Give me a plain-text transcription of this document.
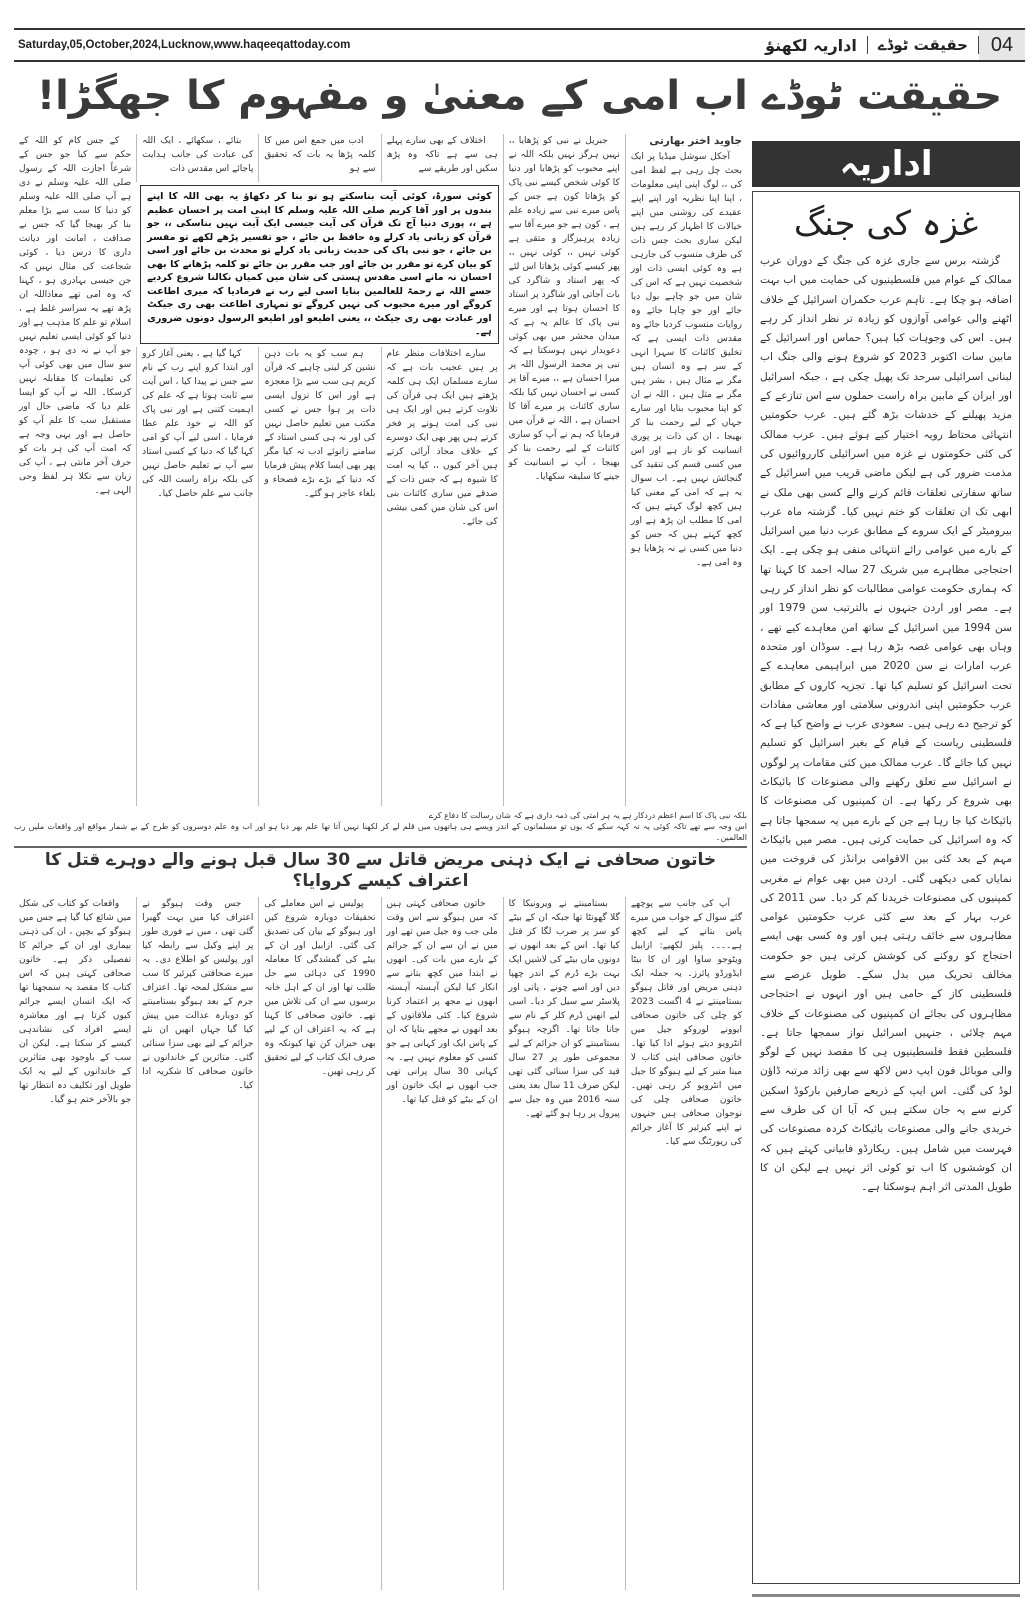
Saturday,05,October,2024,Lucknow,www.haqeeqattoday.com	اداریہ لکھنؤ	حقیقت ٹوڈے	04
حقیقت ٹوڈے اب امی کے معنیٰ و مفہوم کا جھگڑا!
جاوید اختر بھارتی

آجکل سوشل میڈیا پر ایک بحث چل رہی ہے لفظ امی کی ،، لوگ اپنی اپنی معلومات ، اپنا اپنا نظریہ اور اپنے اپنے عقیدے کی روشنی میں اپنے خیالات کا اظہار کر رہے ہیں لیکن ساری بحث جس ذات کی طرف منسوب کی جارہی ہے وہ کوئی ایسی ذات اور شخصیت نہیں ہے کہ اس کی شان میں جو چاہے بول دیا جائے اور جو چاہا جائے وہ روایات منسوب کردیا جائے وہ مقدس ذات ایسی ہے کہ تخلیق کائنات کا سہرا انہی کے سر ہے وہ انسان ہیں مگر بے مثال ہیں ، بشر ہیں مگر بے مثل ہیں ، اللہ نے ان کو اپنا محبوب بنایا اور سارے جہاں کے لیے رحمت بنا کر بھیجا ، ان کی ذات پر پوری انسانیت کو ناز ہے اور اس میں کسی قسم کی تنقید کی گنجائش نہیں ہے۔ اب سوال یہ ہے کہ امی کے معنی کیا ہیں کچھ لوگ کہتے ہیں کہ امی کا مطلب ان پڑھ ہے اور کچھ کہتے ہیں کہ جس کو دنیا میں کسی نے نہ پڑھایا ہو وہ امی ہے۔

جبریل نے نبی کو پڑھایا ،، نہیں ہرگز نہیں بلکہ اللہ نے اپنے محبوب کو پڑھایا اور دنیا کا کوئی شخص کیسے نبی پاک کو پڑھاتا کون ہے جس کے پاس میرے نبی سے زیادہ علم ہے ، کون ہے جو میرے آقا سے زیادہ پرہیزگار و متقی ہے کوئی نہیں ،، کوئی نہیں ،، پھر کیسے کوئی پڑھاتا اس لئے کہ پھر استاد و شاگرد کی بات آجاتی اور شاگرد پر استاد کا احسان ہوتا ہے اور میرے نبی پاک کا عالم یہ ہے کہ میدان محشر میں بھی کوئی دعویدار نہیں ہوسکتا ہے کہ نبی پر محمد الرسول اللہ پر میرا احسان ہے ،، میرے آقا پر کسی نے احسان نہیں کیا بلکہ ساری کائنات پر میرے آقا کا احسان ہے ، اللہ نے قرآن میں فرمایا کہ ہم نے آپ کو ساری کائنات کے لیے رحمت بنا کر بھیجا ، آپ نے انسانیت کو جینے کا سلیقہ سکھایا۔

اختلاف کے بھی سارے پہلے ہی سے ہے تاکہ وہ پڑھ سکیں اور طریقے سے

ادب میں جمع اس میں کا کلمہ پڑھا یہ بات کہ تحقیق سے ہو

بتائے ، سکھائے ، ایک اللہ کی عبادت کی جانب ہدایت پاجائے اس مقدس ذات

کوئی سورۃ، کوئی آیت بناسکتے ہو تو بنا کر دکھاؤ یہ بھی اللہ کا اپنے بندوں پر اور آقا کریم صلی اللہ علیہ وسلم کا اپنی امت پر احسان عظیم ہے ،، پوری دنیا آج تک قرآن کی آیت جیسی ایک آیت نہیں بناسکی ،، جو قرآن کو زبانی یاد کرلے وہ حافظ بن جائے ، جو تفسیر پڑھے لکھے تو مفسر بن جائے ، جو نبی پاک کی حدیث زبانی یاد کرلے تو محدث بن جائے اور اسی کو بیان کرے تو مقرر بن جائے اور جب مقرر بن جائے تو کلمہ پڑھانے کا بھی احسان نہ مانے اسی مقدس ہستی کی شان میں کمیاں نکالنا شروع کردیے جسے اللہ نے رحمۃ للعالمین بنایا اسی لیے رب نے فرمادیا کہ میری اطاعت کروگے اور میرے محبوب کی نہیں کروگے تو تمہاری اطاعت بھی ری جیکٹ اور عبادت بھی ری جیکٹ ،، یعنی اطیعو اور اطیعو الرسول دونوں ضروری ہے۔

سارے اختلافات منظر عام پر ہیں عجیب بات ہے کہ سارے مسلمان ایک ہی کلمہ پڑھتے ہیں ایک ہی قرآن کی تلاوت کرتے ہیں اور ایک ہی نبی کی امت ہونے پر فخر کرتے ہیں پھر بھی ایک دوسرے کے خلاف محاذ آرائی کرتے ہیں آخر کیوں ،، کیا یہ امت کا شیوہ ہے کہ جس ذات کے صدقے میں ساری کائنات بنی اس کی شان میں کمی بیشی کی جائے۔

ہم سب کو یہ بات ذہن نشین کر لینی چاہیے کہ قرآن کریم ہی سب سے بڑا معجزہ ہے اور اس کا نزول ایسی ذات پر ہوا جس نے کسی مکتب میں تعلیم حاصل نہیں کی اور نہ ہی کسی استاد کے سامنے زانوئے ادب تہ کیا مگر پھر بھی ایسا کلام پیش فرمایا کہ دنیا کے بڑے بڑے فصحاء و بلغاء عاجز ہو گئے۔

کہا گیا ہے ، یعنی آغاز کرو اور ابتدا کرو اپنے رب کے نام سے جس نے پیدا کیا ، اس آیت سے ثابت ہوتا ہے کہ علم کی اہمیت کتنی ہے اور نبی پاک کو اللہ نے خود علم عطا فرمایا ، اسی لیے آپ کو امی کہا گیا کہ دنیا کے کسی استاد سے آپ نے تعلیم حاصل نہیں کی بلکہ براہ راست اللہ کی جانب سے علم حاصل کیا۔

کے جس کام کو اللہ کے حکم سے کیا جو جس کے شرعاً اجازت اللہ کے رسول صلی اللہ علیہ وسلم نے دی ہے آپ صلی اللہ علیہ وسلم کو دنیا کا سب سے بڑا معلم بنا کر بھیجا گیا کہ جس نے صداقت ، امانت اور دیانت داری کا درس دیا ، کوئی شجاعت کی مثال نہیں کہ جن جیسی بہادری ہو ، کہنا کہ وہ امی تھے معاذاللہ ان پڑھ تھے یہ سراسر غلط ہے ، اسلام تو علم کا مذہب ہے اور دنیا کو کوئی ایسی تعلیم نہیں جو آپ نے نہ دی ہو ، چودہ سو سال میں بھی کوئی آپ کی تعلیمات کا مقابلہ نہیں کرسکا۔ اللہ نے آپ کو ایسا علم دیا کہ ماضی حال اور مستقبل سب کا علم آپ کو حاصل ہے اور یہی وجہ ہے کہ امت آپ کی ہر بات کو حرف آخر مانتی ہے ، آپ کی زبان سے نکلا ہر لفظ وحی الہی ہے۔

بلکہ نبی پاک کا اسم اعظم دردکار ہے یہ ہر امتی کی ذمہ داری ہے کہ شان رسالت کا دفاع کرے
اس وجہ سے تھے تاکہ کوئی یہ نہ کہہ سکے کہ یوں تو مسلمانوں کے اندر ویسے ہی ہاتھوں میں قلم لے کر لکھنا نہیں آتا تھا علم بھر دیا ہو اور اب وہ علم دوسروں کو طرح کے بے شمار مواقع اور واقعات ملیں رب العالمین۔
خاتون صحافی نے ایک ذہنی مریض قاتل سے 30 سال قبل ہونے والے دوہرے قتل کا اعتراف کیسے کروایا؟

آپ کی جانب سے پوچھے گئے سوال کے جواب میں میرے پاس بتانے کے لیے کچھ ہے۔۔۔۔ پلیز لکھیے: ازابیل ویٹوجو ساوا اور ان کا بیٹا ایڈورڈو پائرز۔ یہ جملہ ایک ذہنی مریض اور قاتل ہیوگو بستامینتے نے 4 اگست 2023 کو چلی کی خاتون صحافی ایوونے لوروکو جیل میں انٹرویو دیتے ہوئے ادا کیا تھا۔ خاتون صحافی اپنی کتاب لا مینا متبر کے لیے ہیوگو کا جیل میں انٹرویو کر رہی تھیں۔ خاتون صحافی چلی کی نوجوان صحافی ہیں جنہوں نے اپنے کیرئیر کا آغاز جرائم کی رپورٹنگ سے کیا۔

بستامینتے نے ویرونیکا کا گلا گھونٹا تھا جبکہ ان کے بیٹے کو سر پر ضرب لگا کر قتل کیا تھا۔ اس کے بعد انھوں نے دونوں ماں بیٹے کی لاشیں ایک بہت بڑے ڈرم کے اندر چھپا دیں اور اسے چونے ، پانی اور پلاسٹر سے سیل کر دیا۔ اسی لیے انھیں ڈرم کلر کے نام سے جانا جاتا تھا۔ اگرچہ ہیوگو بستامینتے کو ان جرائم کے لیے مجموعی طور پر 27 سال قید کی سزا سنائی گئی تھی لیکن صرف 11 سال بعد یعنی سنہ 2016 میں وہ جیل سے پیرول پر رہا ہو گئے تھے۔

خاتون صحافی کہتی ہیں کہ میں ہیوگو سے اس وقت ملی جب وہ جیل میں تھے اور میں نے ان سے ان کے جرائم کے بارے میں بات کی۔ انھوں نے ابتدا میں کچھ بتانے سے انکار کیا لیکن آہستہ آہستہ انھوں نے مجھ پر اعتماد کرنا شروع کیا۔ کئی ملاقاتوں کے بعد انھوں نے مجھے بتایا کہ ان کے پاس ایک اور کہانی ہے جو کسی کو معلوم نہیں ہے۔ یہ کہانی 30 سال پرانی تھی جب انھوں نے ایک خاتون اور ان کے بیٹے کو قتل کیا تھا۔

پولیس نے اس معاملے کی تحقیقات دوبارہ شروع کیں اور ہیوگو کے بیان کی تصدیق کی گئی۔ ازابیل اور ان کے بیٹے کی گمشدگی کا معاملہ 1990 کی دہائی سے حل طلب تھا اور ان کے اہل خانہ برسوں سے ان کی تلاش میں تھے۔ خاتون صحافی کا کہنا ہے کہ یہ اعتراف ان کے لیے بھی حیران کن تھا کیونکہ وہ صرف ایک کتاب کے لیے تحقیق کر رہی تھیں۔

جس وقت ہیوگو نے اعتراف کیا میں بہت گھبرا گئی تھی ، میں نے فوری طور پر اپنے وکیل سے رابطہ کیا اور پولیس کو اطلاع دی۔ یہ میرے صحافتی کیرئیر کا سب سے مشکل لمحہ تھا۔ اعتراف جرم کے بعد ہیوگو بستامینتے کو دوبارہ عدالت میں پیش کیا گیا جہاں انھیں ان نئے جرائم کے لیے بھی سزا سنائی گئی۔ متاثرین کے خاندانوں نے خاتون صحافی کا شکریہ ادا کیا۔

واقعات کو کتاب کی شکل میں شائع کیا گیا ہے جس میں ہیوگو کے بچپن ، ان کی ذہنی بیماری اور ان کے جرائم کا تفصیلی ذکر ہے۔ خاتون صحافی کہتی ہیں کہ اس کتاب کا مقصد یہ سمجھنا تھا کہ ایک انسان ایسے جرائم کیوں کرتا ہے اور معاشرہ ایسے افراد کی نشاندہی کیسے کر سکتا ہے۔ لیکن ان سب کے باوجود بھی متاثرین کے خاندانوں کے لیے یہ ایک طویل اور تکلیف دہ انتظار تھا جو بالآخر ختم ہو گیا۔

اداریہ
غزہ کی جنگ

گزشتہ برس سے جاری غزہ کی جنگ کے دوران عرب ممالک کے عوام میں فلسطینیوں کی حمایت میں اب بہت اضافہ ہو چکا ہے۔ تاہم عرب حکمران اسرائیل کے خلاف اٹھنے والی عوامی آوازوں کو زیادہ تر نظر انداز کر رہے ہیں۔ اس کی وجوہات کیا ہیں؟ حماس اور اسرائیل کے مابین سات اکتوبر 2023 کو شروع ہونے والی جنگ اب لبنانی اسرائیلی سرحد تک پھیل چکی ہے ، جبکہ اسرائیل اور ایران کے مابین براہ راست حملوں سے اس تنازعے کے مزید پھیلنے کے خدشات بڑھ گئے ہیں۔ عرب حکومتیں انتہائی محتاط رویہ اختیار کیے ہوئے ہیں۔ عرب ممالک کی کئی حکومتوں نے غزہ میں اسرائیلی کارروائیوں کی مذمت ضرور کی ہے لیکن ماضی قریب میں اسرائیل کے ساتھ سفارتی تعلقات قائم کرنے والے کسی بھی ملک نے ابھی تک ان تعلقات کو ختم نہیں کیا۔ گزشتہ ماہ عرب بیرومیٹر کے ایک سروے کے مطابق عرب دنیا میں اسرائیل کے بارے میں عوامی رائے انتہائی منفی ہو چکی ہے۔ ایک احتجاجی مظاہرے میں شریک 27 سالہ احمد کا کہنا تھا کہ ہماری حکومت عوامی مطالبات کو نظر انداز کر رہی ہے۔ مصر اور اردن جنہوں نے بالترتیب سن 1979 اور سن 1994 میں اسرائیل کے ساتھ امن معاہدے کیے تھے ، وہاں بھی عوامی غصہ بڑھ رہا ہے۔ سوڈان اور متحدہ عرب امارات نے سن 2020 میں ابراہیمی معاہدے کے تحت اسرائیل کو تسلیم کیا تھا۔ تجزیہ کاروں کے مطابق عرب حکومتیں اپنی اندرونی سلامتی اور معاشی مفادات کو ترجیح دے رہی ہیں۔ سعودی عرب نے واضح کیا ہے کہ فلسطینی ریاست کے قیام کے بغیر اسرائیل کو تسلیم نہیں کیا جائے گا۔ عرب ممالک میں کئی مقامات پر لوگوں نے اسرائیل سے تعلق رکھنے والی مصنوعات کا بائیکاٹ بھی شروع کر رکھا ہے۔ ان کمپنیوں کی مصنوعات کا بائیکاٹ کیا جا رہا ہے جن کے بارے میں یہ سمجھا جاتا ہے کہ وہ اسرائیل کی حمایت کرتی ہیں۔ مصر میں بائیکاٹ مہم کے بعد کئی بین الاقوامی برانڈز کی فروخت میں نمایاں کمی دیکھی گئی۔ اردن میں بھی عوام نے مغربی کمپنیوں کی مصنوعات خریدنا کم کر دیا۔ سن 2011 کی عرب بہار کے بعد سے کئی عرب حکومتیں عوامی مظاہروں سے خائف رہتی ہیں اور وہ کسی بھی ایسے احتجاج کو روکنے کی کوشش کرتی ہیں جو حکومت مخالف تحریک میں بدل سکے۔ طویل عرصے سے فلسطینی کاز کے حامی ہیں اور انہوں نے احتجاجی مظاہروں کی بجائے ان کمپنیوں کی مصنوعات کے خلاف مہم چلائی ، جنہیں اسرائیل نواز سمجھا جاتا ہے۔ فلسطین فقط فلسطینیوں ہی کا مقصد نہیں کے لوگو والی موبائل فون ایپ دس لاکھ سے بھی زائد مرتبہ ڈاؤن لوڈ کی گئی۔ اس ایپ کے ذریعے صارفین بارکوڈ اسکین کرنے سے یہ جان سکتے ہیں کہ آیا ان کی طرف سے خریدی جانے والی مصنوعات بائیکاٹ کردہ مصنوعات کی فہرست میں شامل ہیں۔ ریکارڈو فابیانی کہتے ہیں کہ ان کوششوں کا اب تو کوئی اثر نہیں ہے لیکن ان کا طویل المدتی اثر اہم ہوسکتا ہے۔
